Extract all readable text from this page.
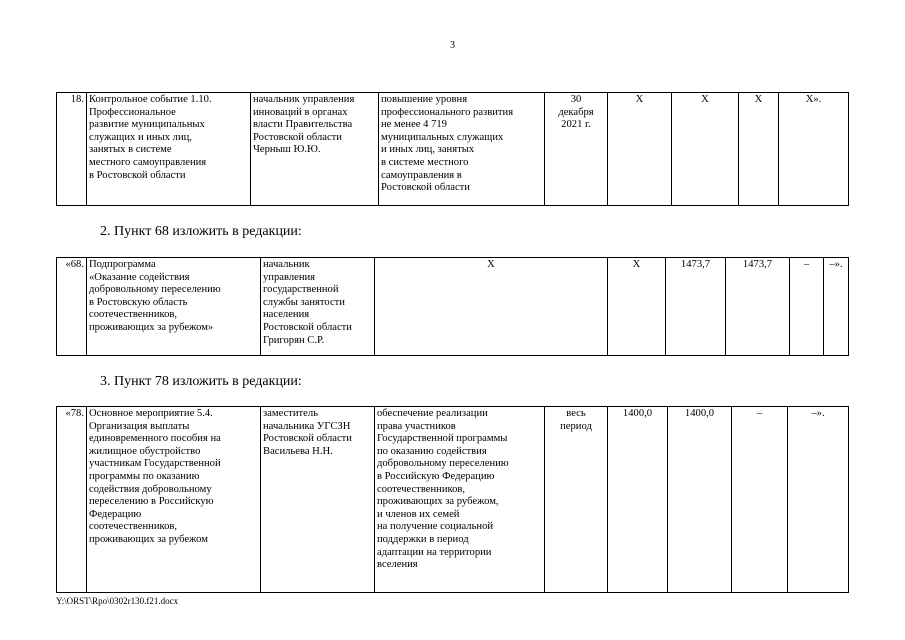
3
18.	Контрольное событие 1.10.
Профессиональное
развитие муниципальных
служащих и иных лиц,
занятых в системе
местного самоуправления
в Ростовской области	начальник управления
инноваций в органах
власти Правительства
Ростовской области
Черныш Ю.Ю.	повышение уровня
профессионального развития
не менее 4 719
муниципальных служащих
и иных лиц, занятых
в системе местного
самоуправления в
Ростовской области	30
декабря
2021 г.	Х	Х	Х	Х».
2. Пункт 68 изложить в редакции:
«68.	Подпрограмма
«Оказание содействия
добровольному переселению
в Ростовскую область
соотечественников,
проживающих за рубежом»	начальник
управления
государственной
службы занятости
населения
Ростовской области
Григорян С.Р.	Х	Х	1473,7	1473,7	–	–».
3. Пункт 78 изложить в редакции:
«78.	Основное мероприятие 5.4.
Организация выплаты
единовременного пособия на
жилищное обустройство
участникам Государственной
программы по оказанию
содействия добровольному
переселению в Российскую
Федерацию
соотечественников,
проживающих за рубежом	заместитель
начальника УГСЗН
Ростовской области
Васильева Н.Н.	обеспечение реализации
права участников
Государственной программы
по оказанию содействия
добровольному переселению
в Российскую Федерацию
соотечественников,
проживающих за рубежом,
и членов их семей
на получение социальной
поддержки в период
адаптации на территории
вселения	весь
период	1400,0	1400,0	–	–».
Y:\ORST\Rpo\0302r130.f21.docx
